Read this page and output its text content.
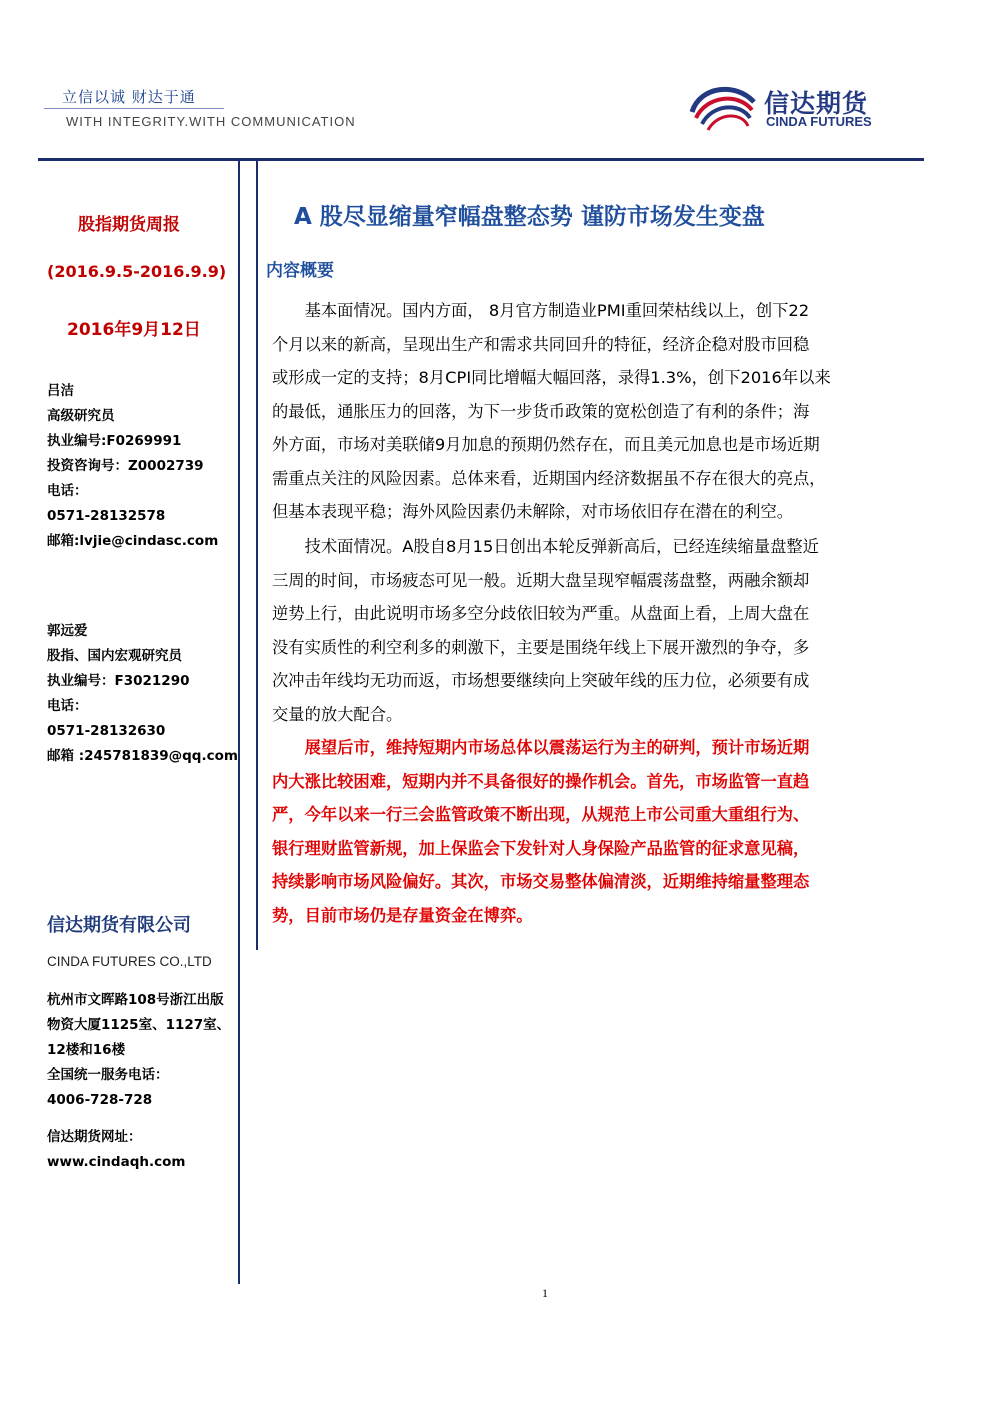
立信以诚 财达于通
WITH INTEGRITY.WITH COMMUNICATION
信达期货
CINDA FUTURES
股指期货周报
(2016.9.5-2016.9.9)
2016年9月12日
吕洁
高级研究员
执业编号:F0269991
投资咨询号：Z0002739
电话：
0571-28132578
邮箱:lvjie@cindasc.com
郭远爱
股指、国内宏观研究员
执业编号：F3021290
电话：
0571-28132630
邮箱 :245781839@qq.com
信达期货有限公司
CINDA FUTURES CO.,LTD
杭州市文晖路108号浙江出版
物资大厦1125室、1127室、
12楼和16楼
全国统一服务电话：
4006-728-728
信达期货网址：
www.cindaqh.com
A 股尽显缩量窄幅盘整态势 谨防市场发生变盘
内容概要

基本面情况。国内方面， 8月官方制造业PMI重回荣枯线以上，创下22
个月以来的新高，呈现出生产和需求共同回升的特征，经济企稳对股市回稳
或形成一定的支持；8月CPI同比增幅大幅回落，录得1.3%，创下2016年以来
的最低，通胀压力的回落，为下一步货币政策的宽松创造了有利的条件；海
外方面，市场对美联储9月加息的预期仍然存在，而且美元加息也是市场近期
需重点关注的风险因素。总体来看，近期国内经济数据虽不存在很大的亮点，
但基本表现平稳；海外风险因素仍未解除，对市场依旧存在潜在的利空。

技术面情况。A股自8月15日创出本轮反弹新高后，已经连续缩量盘整近
三周的时间，市场疲态可见一般。近期大盘呈现窄幅震荡盘整，两融余额却
逆势上行，由此说明市场多空分歧依旧较为严重。从盘面上看，上周大盘在
没有实质性的利空利多的刺激下，主要是围绕年线上下展开激烈的争夺，多
次冲击年线均无功而返，市场想要继续向上突破年线的压力位，必须要有成
交量的放大配合。

展望后市，维持短期内市场总体以震荡运行为主的研判，预计市场近期
内大涨比较困难，短期内并不具备很好的操作机会。首先，市场监管一直趋
严，今年以来一行三会监管政策不断出现，从规范上市公司重大重组行为、
银行理财监管新规，加上保监会下发针对人身保险产品监管的征求意见稿，
持续影响市场风险偏好。其次，市场交易整体偏清淡，近期维持缩量整理态
势，目前市场仍是存量资金在博弈。

1
